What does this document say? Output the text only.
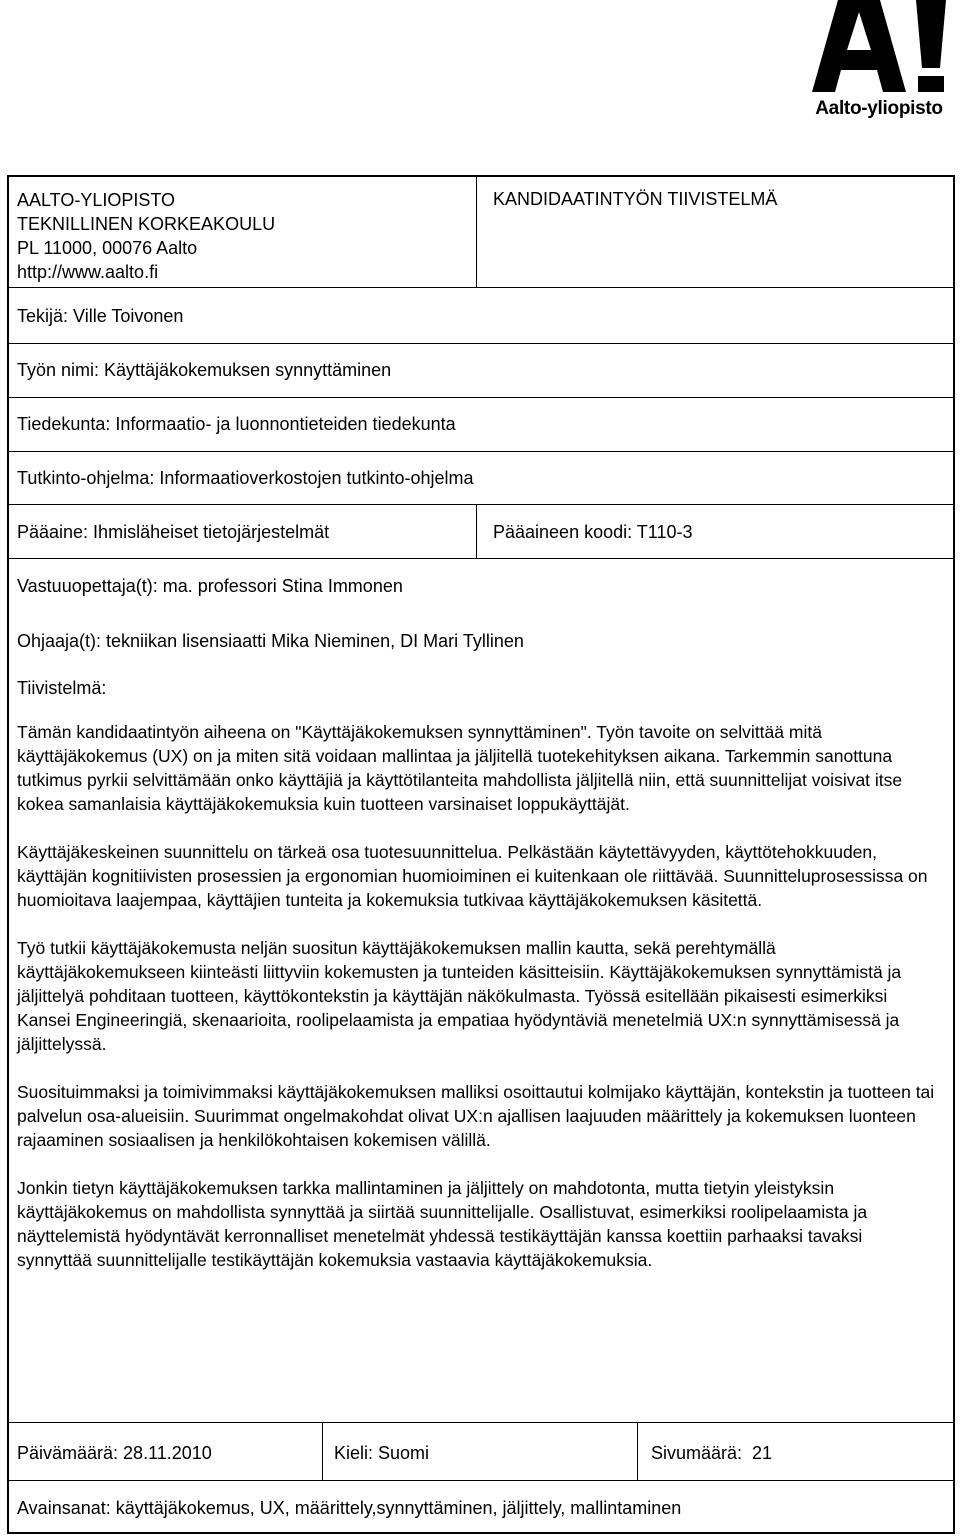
Aalto-yliopisto
AALTO-YLIOPISTO
TEKNILLINEN KORKEAKOULU
PL 11000, 00076 Aalto
http://www.aalto.fi
KANDIDAATINTYÖN TIIVISTELMÄ
Tekijä: Ville Toivonen
Työn nimi: Käyttäjäkokemuksen synnyttäminen
Tiedekunta: Informaatio- ja luonnontieteiden tiedekunta
Tutkinto-ohjelma: Informaatioverkostojen tutkinto-ohjelma
Pääaine: Ihmisläheiset tietojärjestelmät	Pääaineen koodi: T110-3
Vastuuopettaja(t): ma. professori Stina Immonen
Ohjaaja(t): tekniikan lisensiaatti Mika Nieminen, DI Mari Tyllinen
Tiivistelmä:

Tämän kandidaatintyön aiheena on "Käyttäjäkokemuksen synnyttäminen". Työn tavoite on selvittää mitä käyttäjäkokemus (UX) on ja miten sitä voidaan mallintaa ja jäljitellä tuotekehityksen aikana. Tarkemmin sanottuna tutkimus pyrkii selvittämään onko käyttäjiä ja käyttötilanteita mahdollista jäljitellä niin, että suunnittelijat voisivat itse kokea samanlaisia käyttäjäkokemuksia kuin tuotteen varsinaiset loppukäyttäjät.

Käyttäjäkeskeinen suunnittelu on tärkeä osa tuotesuunnittelua. Pelkästään käytettävyyden, käyttötehokkuuden, käyttäjän kognitiivisten prosessien ja ergonomian huomioiminen ei kuitenkaan ole riittävää. Suunnitteluprosessissa on huomioitava laajempaa, käyttäjien tunteita ja kokemuksia tutkivaa käyttäjäkokemuksen käsitettä.

Työ tutkii käyttäjäkokemusta neljän suositun käyttäjäkokemuksen mallin kautta, sekä perehtymällä käyttäjäkokemukseen kiinteästi liittyviin kokemusten ja tunteiden käsitteisiin. Käyttäjäkokemuksen synnyttämistä ja jäljittelyä pohditaan tuotteen, käyttökontekstin ja käyttäjän näkökulmasta. Työssä esitellään pikaisesti esimerkiksi Kansei Engineeringiä, skenaarioita, roolipelaamista ja empatiaa hyödyntäviä menetelmiä UX:n synnyttämisessä ja jäljittelyssä.

Suosituimmaksi ja toimivimmaksi käyttäjäkokemuksen malliksi osoittautui kolmijako käyttäjän, kontekstin ja tuotteen tai palvelun osa-alueisiin. Suurimmat ongelmakohdat olivat UX:n ajallisen laajuuden määrittely ja kokemuksen luonteen rajaaminen sosiaalisen ja henkilökohtaisen kokemisen välillä.

Jonkin tietyn käyttäjäkokemuksen tarkka mallintaminen ja jäljittely on mahdotonta, mutta tietyin yleistyksin käyttäjäkokemus on mahdollista synnyttää ja siirtää suunnittelijalle. Osallistuvat, esimerkiksi roolipelaamista ja näyttelemistä hyödyntävät kerronnalliset menetelmät yhdessä testikäyttäjän kanssa koettiin parhaaksi tavaksi synnyttää suunnittelijalle testikäyttäjän kokemuksia vastaavia käyttäjäkokemuksia.

Päivämäärä: 28.11.2010	Kieli: Suomi	Sivumäärä:  21
Avainsanat: käyttäjäkokemus, UX, määrittely,synnyttäminen, jäljittely, mallintaminen
